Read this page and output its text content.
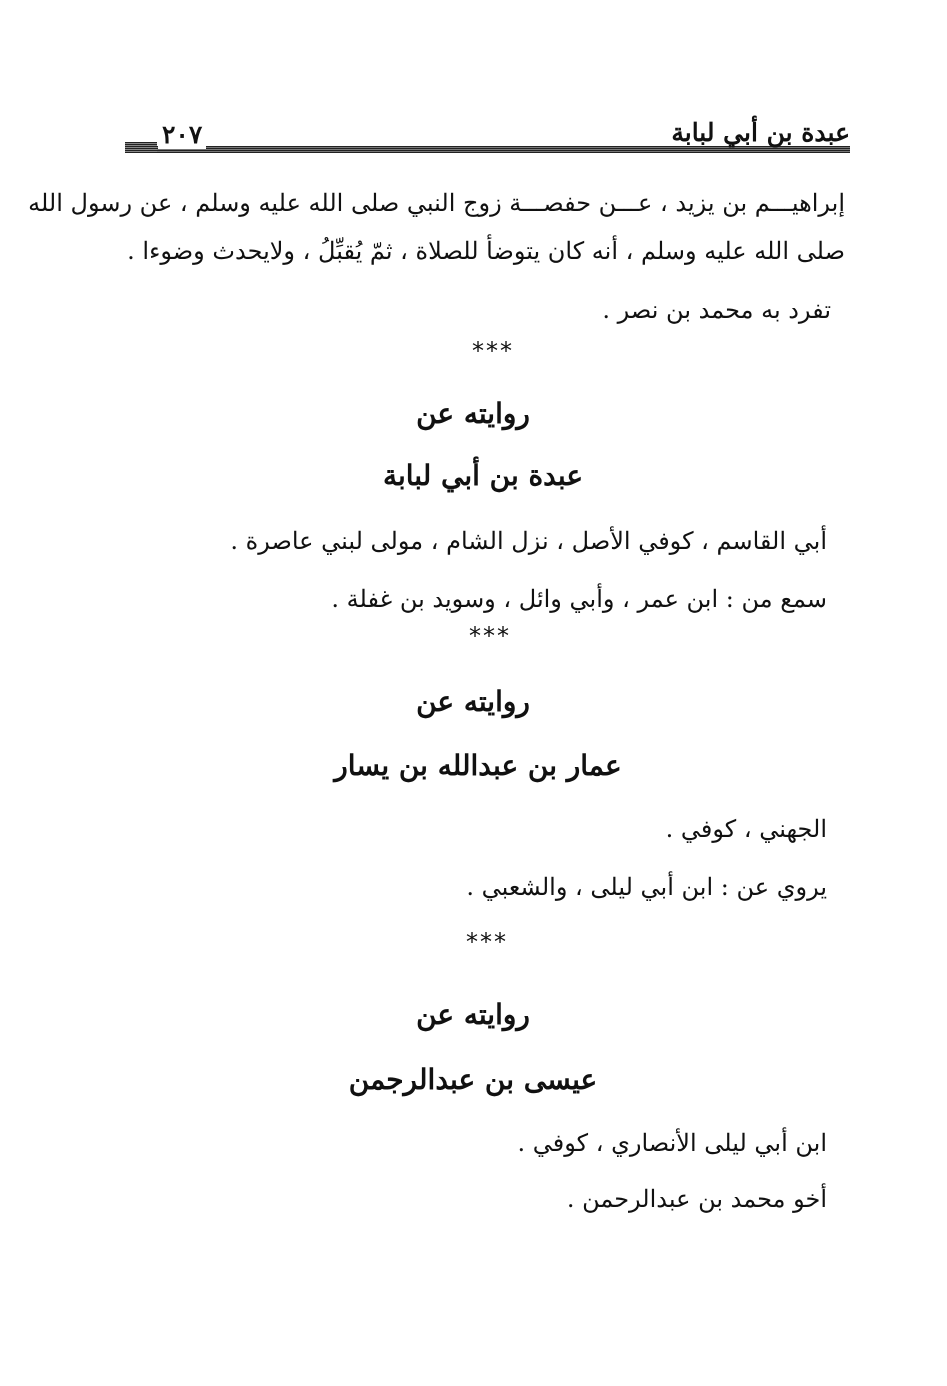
٢٠٧	عبدة بن أبي لبابة
إبراهيـــم بن يزيد ، عـــن حفصـــة زوج النبي صلى الله عليه وسلم ، عن رسول الله
صلى الله عليه وسلم ، أنه كان يتوضأ للصلاة ، ثمّ يُقبِّلُ ، ولايحدث وضوءا .
تفرد به محمد بن نصر .
***
روايته عن
عبدة بن أبي لبابة
أبي القاسم ، كوفي الأصل ، نزل الشام ، مولى لبني عاصرة .
سمع من : ابن عمر ، وأبي وائل ، وسويد بن غفلة .
***
روايته عن
عمار بن عبدالله بن يسار
الجهني ، كوفي .
يروي عن : ابن أبي ليلى ، والشعبي .
***
روايته عن
عيسى بن عبدالرجمن
ابن أبي ليلى الأنصاري ، كوفي .
أخو محمد بن عبدالرحمن .
